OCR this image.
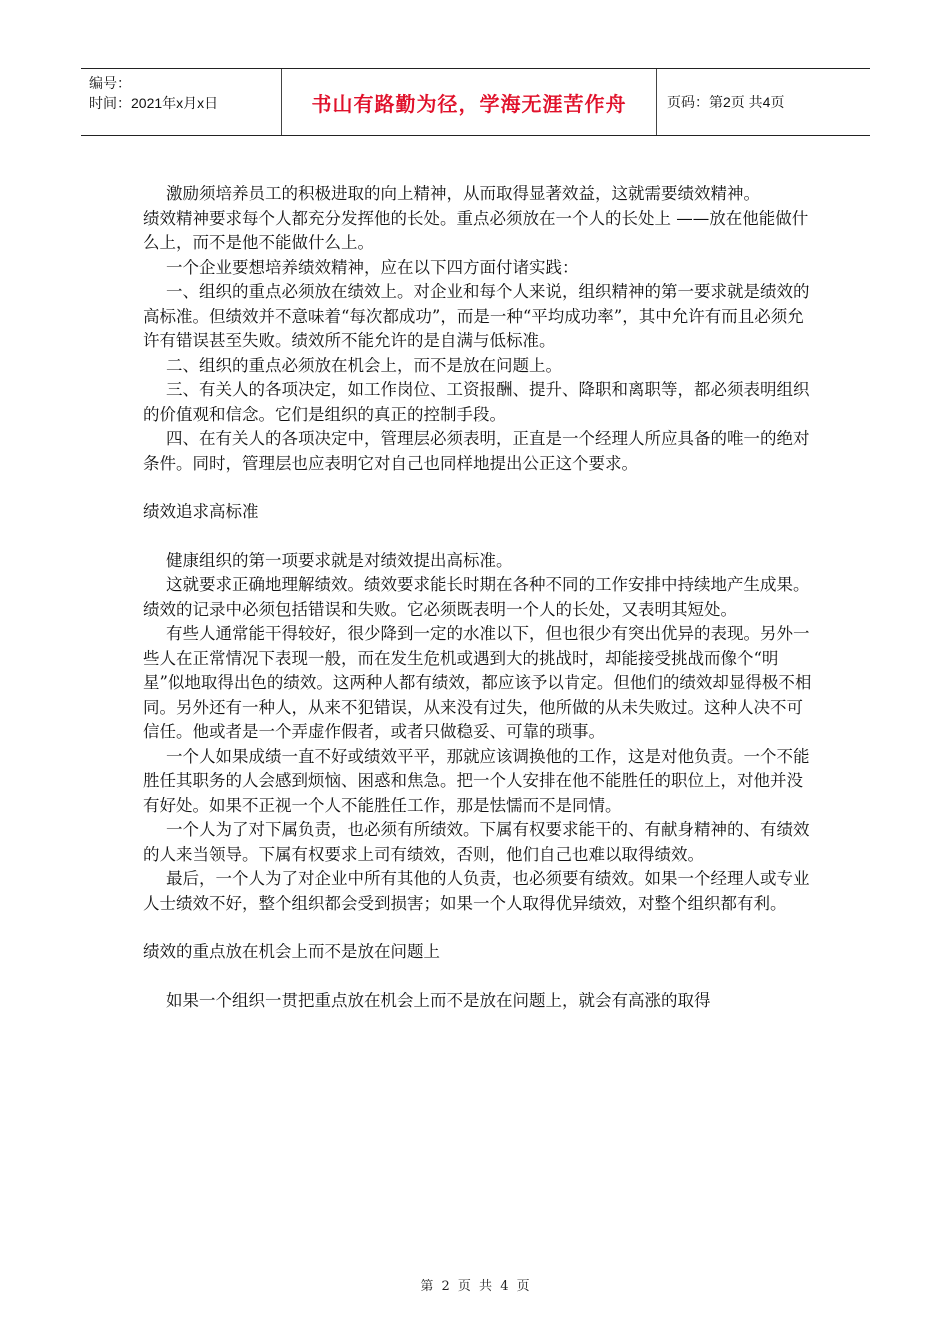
编号：
时间：2021年x月x日	书山有路勤为径，学海无涯苦作舟	页码：第2页 共4页

激励须培养员工的积极进取的向上精神，从而取得显著效益，这就需要绩效精神。

绩效精神要求每个人都充分发挥他的长处。重点必须放在一个人的长处上 ——放在他能做什么上，而不是他不能做什么上。

一个企业要想培养绩效精神，应在以下四方面付诸实践：

一、组织的重点必须放在绩效上。对企业和每个人来说，组织精神的第一要求就是绩效的高标准。但绩效并不意味着“每次都成功”，而是一种“平均成功率”，其中允许有而且必须允许有错误甚至失败。绩效所不能允许的是自满与低标准。

二、组织的重点必须放在机会上，而不是放在问题上。

三、有关人的各项决定，如工作岗位、工资报酬、提升、降职和离职等，都必须表明组织的价值观和信念。它们是组织的真正的控制手段。

四、在有关人的各项决定中，管理层必须表明，正直是一个经理人所应具备的唯一的绝对条件。同时，管理层也应表明它对自己也同样地提出公正这个要求。

绩效追求高标准

健康组织的第一项要求就是对绩效提出高标准。

这就要求正确地理解绩效。绩效要求能长时期在各种不同的工作安排中持续地产生成果。绩效的记录中必须包括错误和失败。它必须既表明一个人的长处，又表明其短处。

有些人通常能干得较好，很少降到一定的水准以下，但也很少有突出优异的表现。另外一些人在正常情况下表现一般，而在发生危机或遇到大的挑战时，却能接受挑战而像个“明星”似地取得出色的绩效。这两种人都有绩效，都应该予以肯定。但他们的绩效却显得极不相同。另外还有一种人，从来不犯错误，从来没有过失，他所做的从未失败过。这种人决不可信任。他或者是一个弄虚作假者，或者只做稳妥、可靠的琐事。

一个人如果成绩一直不好或绩效平平，那就应该调换他的工作，这是对他负责。一个不能胜任其职务的人会感到烦恼、困惑和焦急。把一个人安排在他不能胜任的职位上，对他并没有好处。如果不正视一个人不能胜任工作，那是怯懦而不是同情。

一个人为了对下属负责，也必须有所绩效。下属有权要求能干的、有献身精神的、有绩效的人来当领导。下属有权要求上司有绩效，否则，他们自己也难以取得绩效。

最后，一个人为了对企业中所有其他的人负责，也必须要有绩效。如果一个经理人或专业人士绩效不好，整个组织都会受到损害；如果一个人取得优异绩效，对整个组织都有利。

绩效的重点放在机会上而不是放在问题上

如果一个组织一贯把重点放在机会上而不是放在问题上，就会有高涨的取得

第 2 页 共 4 页
